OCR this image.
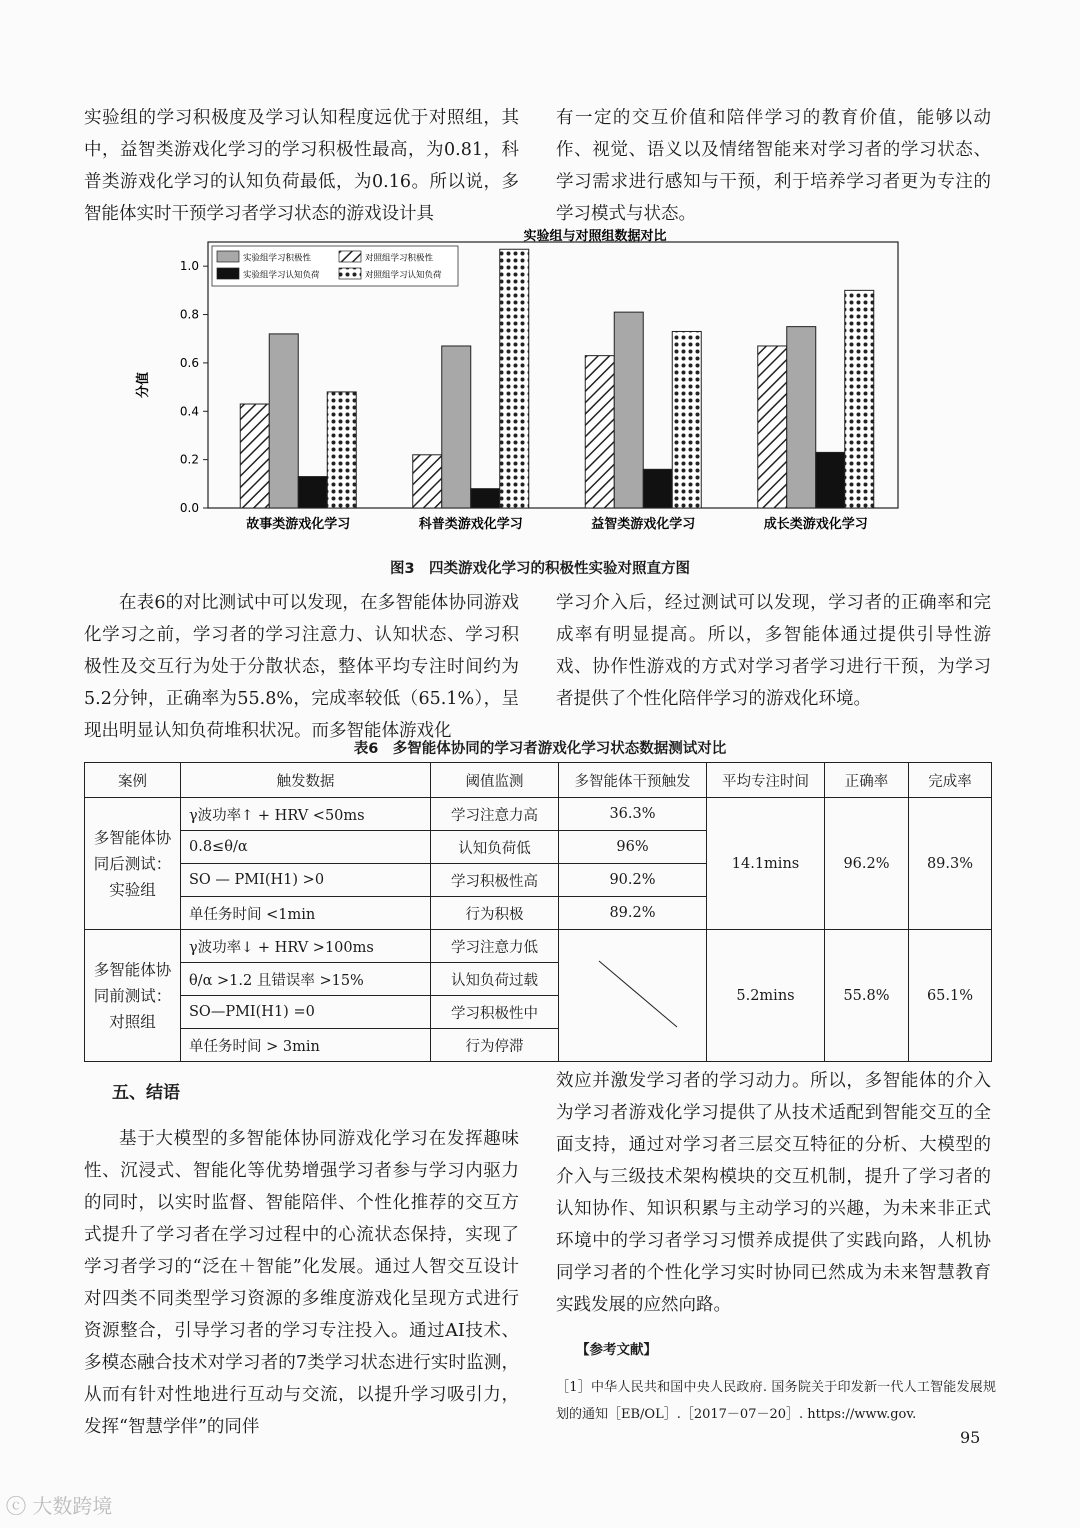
实验组的学习积极度及学习认知程度远优于对照组，其中，益智类游戏化学习的学习积极性最高，为0.81，科普类游戏化学习的认知负荷最低，为0.16。所以说，多智能体实时干预学习者学习状态的游戏设计具

有一定的交互价值和陪伴学习的教育价值，能够以动作、视觉、语义以及情绪智能来对学习者的学习状态、学习需求进行感知与干预，利于培养学习者更为专注的学习模式与状态。

实验组与对照组数据对比
分值
0.0
0.2
0.4
0.6
0.8
1.0
故事类游戏化学习	科普类游戏化学习	益智类游戏化学习	成长类游戏化学习
实验组学习积极性	对照组学习积极性
实验组学习认知负荷	对照组学习认知负荷
图3　四类游戏化学习的积极性实验对照直方图

在表6的对比测试中可以发现，在多智能体协同游戏化学习之前，学习者的学习注意力、认知状态、学习积极性及交互行为处于分散状态，整体平均专注时间约为5.2分钟，正确率为55.8%，完成率较低（65.1%），呈现出明显认知负荷堆积状况。而多智能体游戏化

学习介入后，经过测试可以发现，学习者的正确率和完成率有明显提高。所以，多智能体通过提供引导性游戏、协作性游戏的方式对学习者学习进行干预，为学习者提供了个性化陪伴学习的游戏化环境。

表6　多智能体协同的学习者游戏化学习状态数据测试对比
案例	触发数据	阈值监测	多智能体干预触发	平均专注时间	正确率	完成率
多智能体协
同后测试：
实验组	γ波功率↑ + HRV <50ms	学习注意力高	36.3%	14.1mins	96.2%	89.3%
	0.8≤θ/α	认知负荷低	96%			
	SO — PMI(H1) >0	学习积极性高	90.2%			
	单任务时间 <1min	行为积极	89.2%			
多智能体协
同前测试：
对照组	γ波功率↓ + HRV >100ms	学习注意力低		5.2mins	55.8%	65.1%
	θ/α >1.2 且错误率 >15%	认知负荷过载				
	SO—PMI(H1) =0	学习积极性中				
	单任务时间 > 3min	行为停滞				
五、结语

基于大模型的多智能体协同游戏化学习在发挥趣味性、沉浸式、智能化等优势增强学习者参与学习内驱力的同时，以实时监督、智能陪伴、个性化推荐的交互方式提升了学习者在学习过程中的心流状态保持，实现了学习者学习的“泛在＋智能”化发展。通过人智交互设计对四类不同类型学习资源的多维度游戏化呈现方式进行资源整合，引导学习者的学习专注投入。通过AI技术、多模态融合技术对学习者的7类学习状态进行实时监测，从而有针对性地进行互动与交流，以提升学习吸引力，发挥“智慧学伴”的同伴

效应并激发学习者的学习动力。所以，多智能体的介入为学习者游戏化学习提供了从技术适配到智能交互的全面支持，通过对学习者三层交互特征的分析、大模型的介入与三级技术架构模块的交互机制，提升了学习者的认知协作、知识积累与主动学习的兴趣，为未来非正式环境中的学习者学习习惯养成提供了实践向路，人机协同学习者的个性化学习实时协同已然成为未来智慧教育实践发展的应然向路。

【参考文献】
［1］中华人民共和国中央人民政府. 国务院关于印发新一代人工智能发展规划的通知［EB/OL］.［2017－07－20］. https://www.gov.
95
ⓒ⃝ 大数跨境
